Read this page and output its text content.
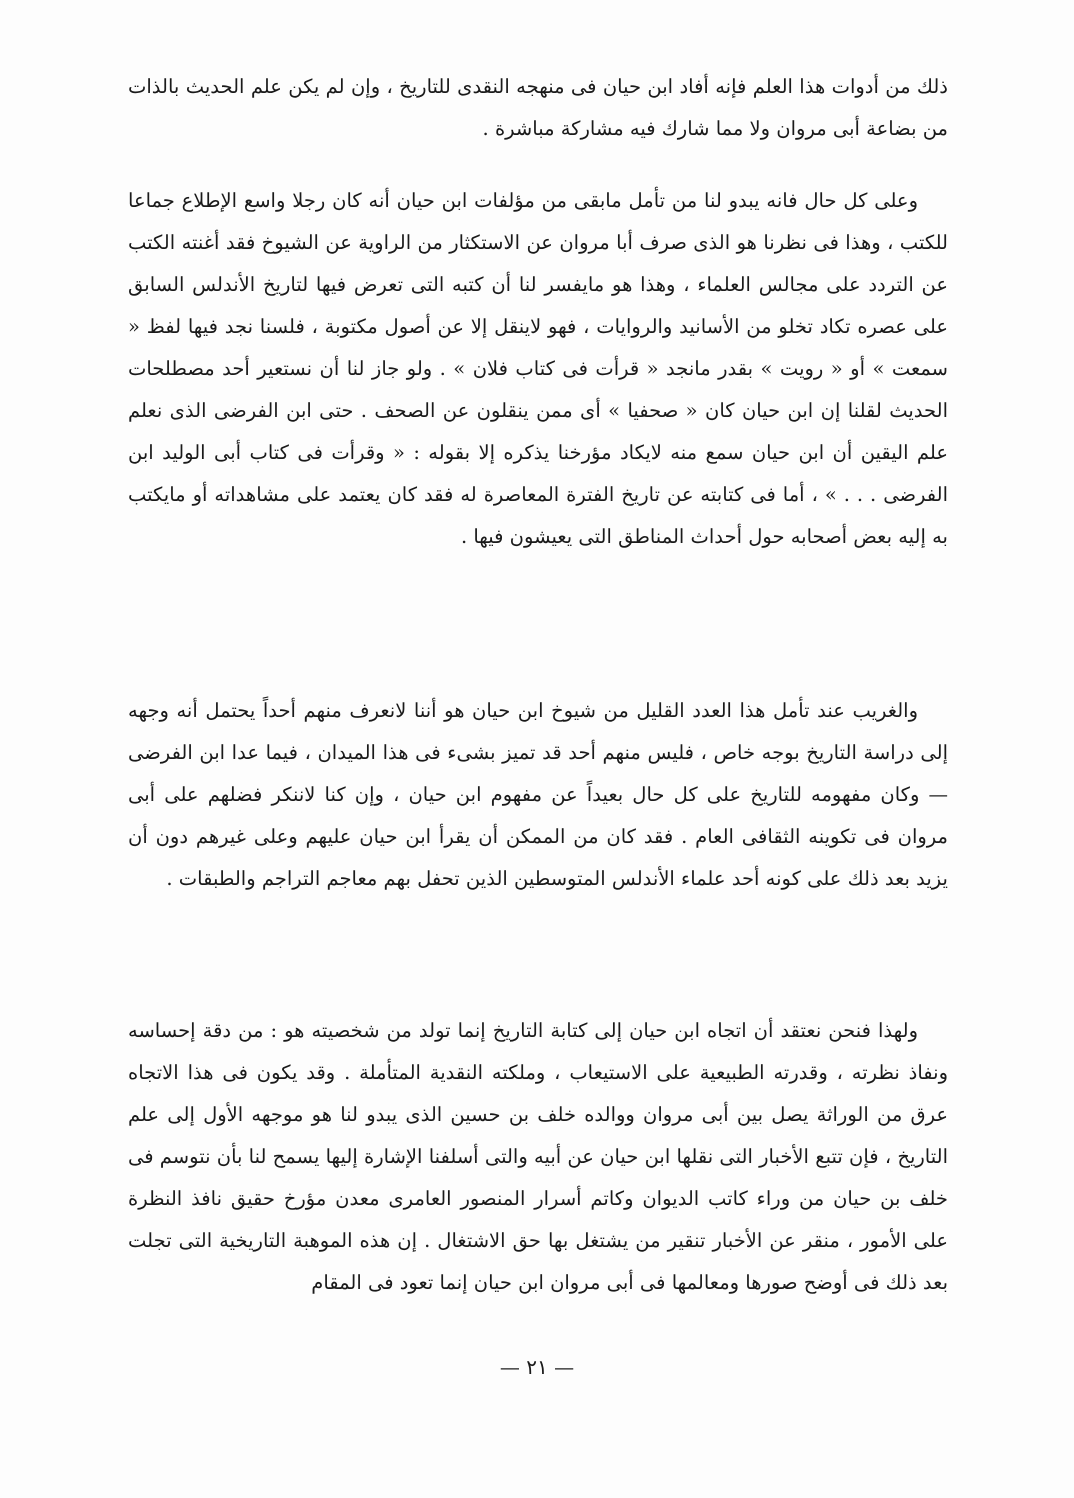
ذلك من أدوات هذا العلم فإنه أفاد ابن حيان فى منهجه النقدى للتاريخ ، وإن لم يكن علم الحديث بالذات من بضاعة أبى مروان ولا مما شارك فيه مشاركة مباشرة .

وعلى كل حال فانه يبدو لنا من تأمل مابقى من مؤلفات ابن حيان أنه كان رجلا واسع الإطلاع جماعا للكتب ، وهذا فى نظرنا هو الذى صرف أبا مروان عن الاستكثار من الراوية عن الشيوخ فقد أغنته الكتب عن التردد على مجالس العلماء ، وهذا هو مايفسر لنا أن كتبه التى تعرض فيها لتاريخ الأندلس السابق على عصره تكاد تخلو من الأسانيد والروايات ، فهو لاينقل إلا عن أصول مكتوبة ، فلسنا نجد فيها لفظ « سمعت » أو « رويت » بقدر مانجد « قرأت فى كتاب فلان » . ولو جاز لنا أن نستعير أحد مصطلحات الحديث لقلنا إن ابن حيان كان « صحفيا » أى ممن ينقلون عن الصحف . حتى ابن الفرضى الذى نعلم علم اليقين أن ابن حيان سمع منه لايكاد مؤرخنا يذكره إلا بقوله : « وقرأت فى كتاب أبى الوليد ابن الفرضى . . . » ، أما فى كتابته عن تاريخ الفترة المعاصرة له فقد كان يعتمد على مشاهداته أو مايكتب به إليه بعض أصحابه حول أحداث المناطق التى يعيشون فيها .

والغريب عند تأمل هذا العدد القليل من شيوخ ابن حيان هو أننا لانعرف منهم أحداً يحتمل أنه وجهه إلى دراسة التاريخ بوجه خاص ، فليس منهم أحد قد تميز بشىء فى هذا الميدان ، فيما عدا ابن الفرضى — وكان مفهومه للتاريخ على كل حال بعيداً عن مفهوم ابن حيان ، وإن كنا لاننكر فضلهم على أبى مروان فى تكوينه الثقافى العام . فقد كان من الممكن أن يقرأ ابن حيان عليهم وعلى غيرهم دون أن يزيد بعد ذلك على كونه أحد علماء الأندلس المتوسطين الذين تحفل بهم معاجم التراجم والطبقات .

ولهذا فنحن نعتقد أن اتجاه ابن حيان إلى كتابة التاريخ إنما تولد من شخصيته هو : من دقة إحساسه ونفاذ نظرته ، وقدرته الطبيعية على الاستيعاب ، وملكته النقدية المتأملة . وقد يكون فى هذا الاتجاه عرق من الوراثة يصل بين أبى مروان ووالده خلف بن حسين الذى يبدو لنا هو موجهه الأول إلى علم التاريخ ، فإن تتبع الأخبار التى نقلها ابن حيان عن أبيه والتى أسلفنا الإشارة إليها يسمح لنا بأن نتوسم فى خلف بن حيان من وراء كاتب الديوان وكاتم أسرار المنصور العامرى معدن مؤرخ حقيق نافذ النظرة على الأمور ، منقر عن الأخبار تنقير من يشتغل بها حق الاشتغال . إن هذه الموهبة التاريخية التى تجلت بعد ذلك فى أوضح صورها ومعالمها فى أبى مروان ابن حيان إنما تعود فى المقام

— ٢١ —
